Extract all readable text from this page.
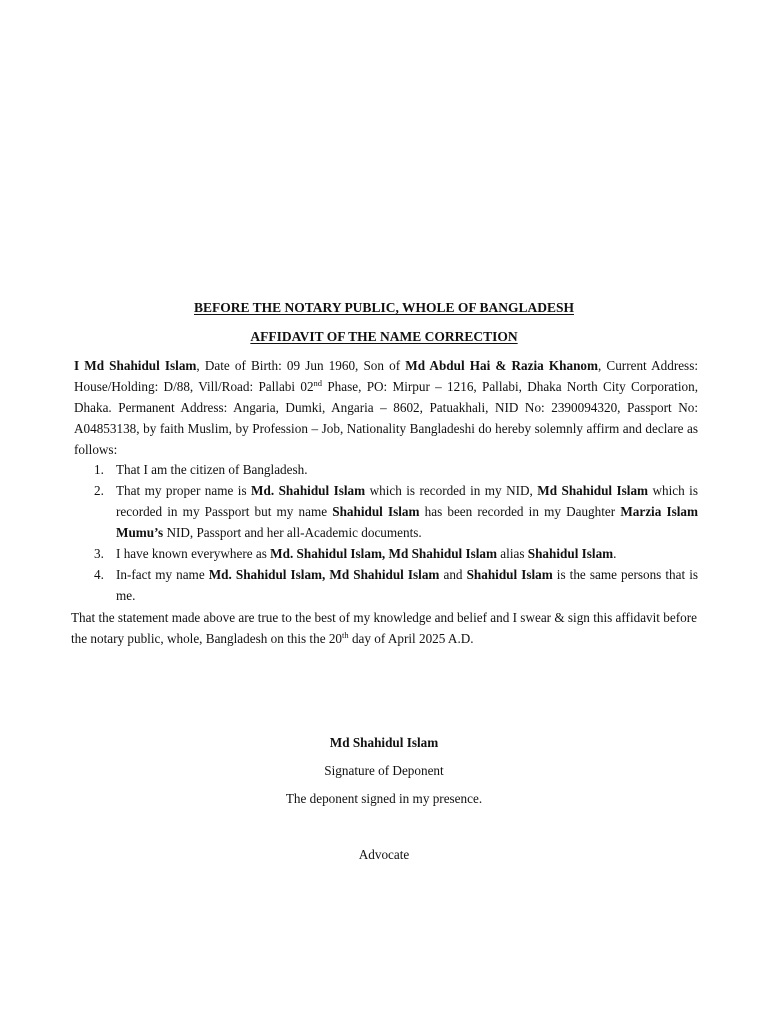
BEFORE THE NOTARY PUBLIC, WHOLE OF BANGLADESH
AFFIDAVIT OF THE NAME CORRECTION

I Md Shahidul Islam, Date of Birth: 09 Jun 1960, Son of Md Abdul Hai & Razia Khanom, Current Address: House/Holding: D/88, Vill/Road: Pallabi 02nd Phase, PO: Mirpur – 1216, Pallabi, Dhaka North City Corporation, Dhaka. Permanent Address: Angaria, Dumki, Angaria – 8602, Patuakhali, NID No: 2390094320, Passport No: A04853138, by faith Muslim, by Profession – Job, Nationality Bangladeshi do hereby solemnly affirm and declare as follows:

1. That I am the citizen of Bangladesh.
2. That my proper name is Md. Shahidul Islam which is recorded in my NID, Md Shahidul Islam which is recorded in my Passport but my name Shahidul Islam has been recorded in my Daughter Marzia Islam Mumu’s NID, Passport and her all-Academic documents.
3. I have known everywhere as Md. Shahidul Islam, Md Shahidul Islam alias Shahidul Islam.
4. In-fact my name Md. Shahidul Islam, Md Shahidul Islam and Shahidul Islam is the same persons that is me.

That the statement made above are true to the best of my knowledge and belief and I swear & sign this affidavit before the notary public, whole, Bangladesh on this the 20th day of April 2025 A.D.

Md Shahidul Islam
Signature of Deponent
The deponent signed in my presence.
Advocate
